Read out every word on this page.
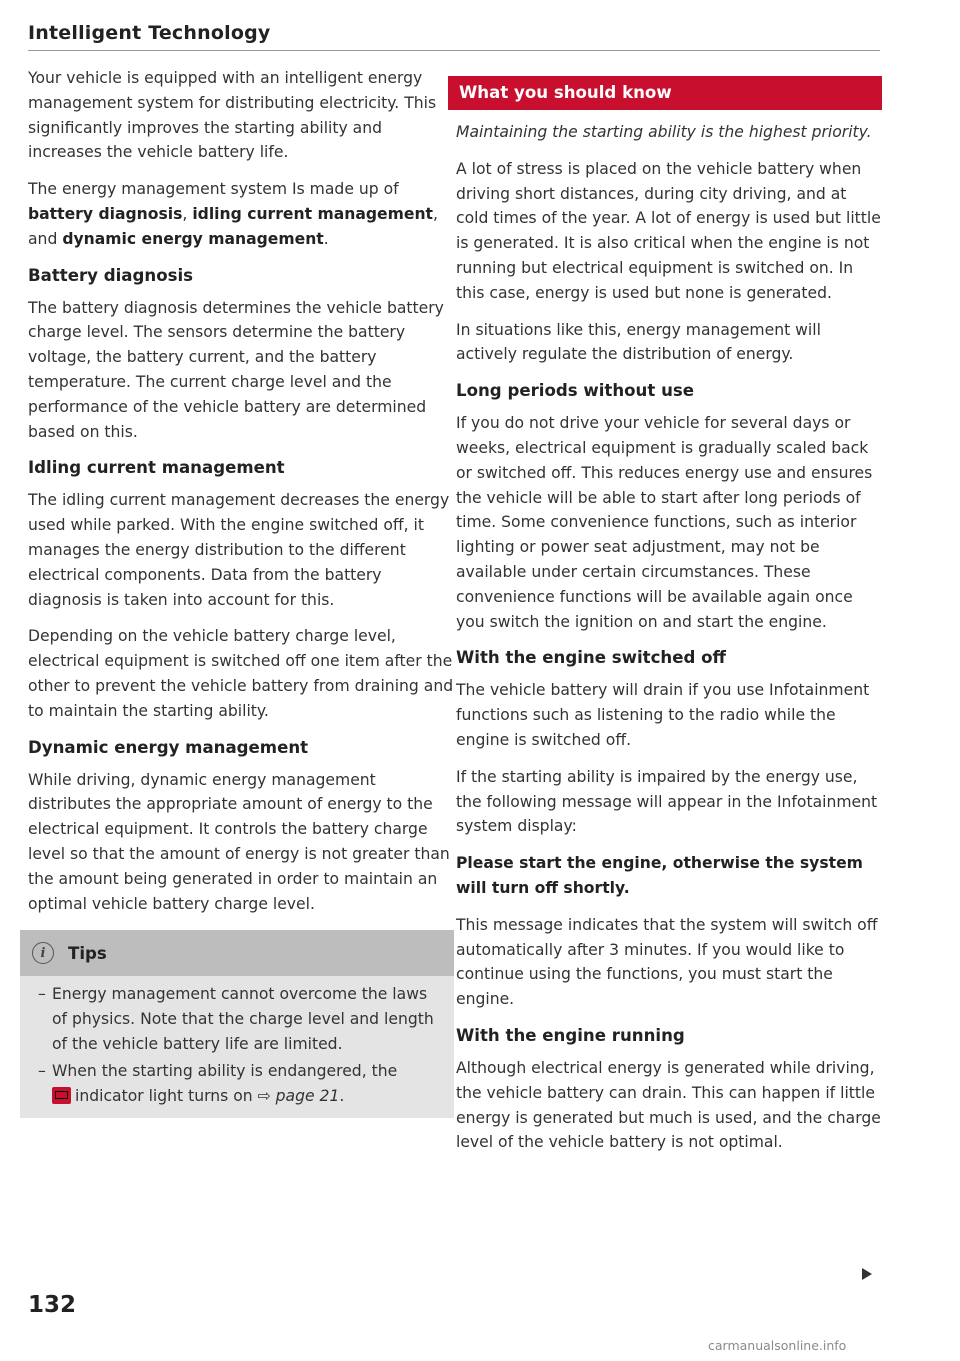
Intelligent Technology

Your vehicle is equipped with an intelligent energy management system for distributing electricity. This significantly improves the starting ability and increases the vehicle battery life.

The energy management system Is made up of battery diagnosis, idling current management, and dynamic energy management.

Battery diagnosis

The battery diagnosis determines the vehicle battery charge level. The sensors determine the battery voltage, the battery current, and the battery temperature. The current charge level and the performance of the vehicle battery are determined based on this.

Idling current management

The idling current management decreases the energy used while parked. With the engine switched off, it manages the energy distribution to the different electrical components. Data from the battery diagnosis is taken into account for this.

Depending on the vehicle battery charge level, electrical equipment is switched off one item after the other to prevent the vehicle battery from draining and to maintain the starting ability.

Dynamic energy management

While driving, dynamic energy management distributes the appropriate amount of energy to the electrical equipment. It controls the battery charge level so that the amount of energy is not greater than the amount being generated in order to maintain an optimal vehicle battery charge level.

i	Tips
– Energy management cannot overcome the laws of physics. Note that the charge level and length of the vehicle battery life are limited.
– When the starting ability is endangered, the
indicator light turns on ⇨ page 21.
What you should know

Maintaining the starting ability is the highest priority.

A lot of stress is placed on the vehicle battery when driving short distances, during city driving, and at cold times of the year. A lot of energy is used but little is generated. It is also critical when the engine is not running but electrical equipment is switched on. In this case, energy is used but none is generated.

In situations like this, energy management will actively regulate the distribution of energy.

Long periods without use

If you do not drive your vehicle for several days or weeks, electrical equipment is gradually scaled back or switched off. This reduces energy use and ensures the vehicle will be able to start after long periods of time. Some convenience functions, such as interior lighting or power seat adjustment, may not be available under certain circumstances. These convenience functions will be available again once you switch the ignition on and start the engine.

With the engine switched off

The vehicle battery will drain if you use Infotainment functions such as listening to the radio while the engine is switched off.

If the starting ability is impaired by the energy use, the following message will appear in the Infotainment system display:

Please start the engine, otherwise the system will turn off shortly.

This message indicates that the system will switch off automatically after 3 minutes. If you would like to continue using the functions, you must start the engine.

With the engine running

Although electrical energy is generated while driving, the vehicle battery can drain. This can happen if little energy is generated but much is used, and the charge level of the vehicle battery is not optimal.

132
carmanualsonline.info
